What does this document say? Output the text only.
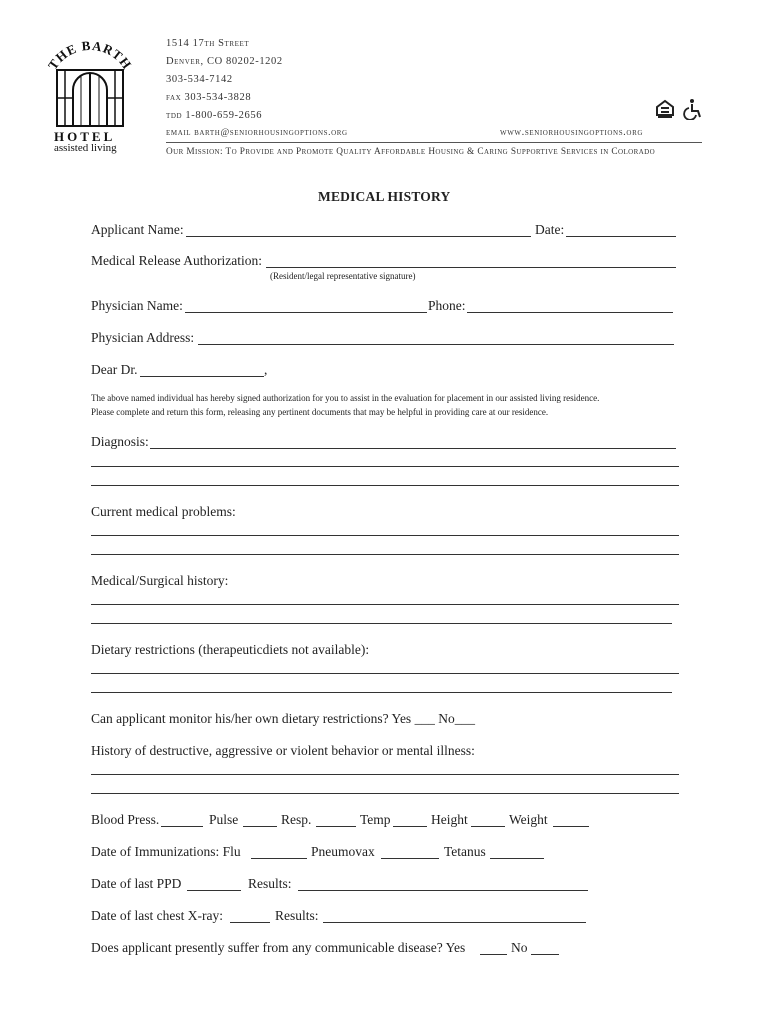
THE BARTH
HOTEL
assisted living
1514 17th Street
Denver, CO 80202-1202
303-534-7142
fax 303-534-3828
tdd 1-800-659-2656
email barth@seniorhousingoptions.org	www.seniorhousingoptions.org
Our Mission: To Provide and Promote Quality Affordable Housing & Caring Supportive Services in Colorado
MEDICAL HISTORY
Applicant Name:	Date:
Medical Release Authorization:
(Resident/legal representative signature)
Physician Name:	Phone:
Physician Address:
Dear Dr.	,
The above named individual has hereby signed authorization for you to assist in the evaluation for placement in our assisted living residence.
Please complete and return this form, releasing any pertinent documents that may be helpful in providing care at our residence.
Diagnosis:
Current medical problems:
Medical/Surgical history:
Dietary restrictions (therapeuticdiets not available):
Can applicant monitor his/her own dietary restrictions? Yes ___ No___
History of destructive, aggressive or violent behavior or mental illness:
Blood Press.	Pulse	Resp.	Temp	Height	Weight
Date of Immunizations: Flu	Pneumovax	Tetanus
Date of last PPD	Results:
Date of last chest X-ray:	Results:
Does applicant presently suffer from any communicable disease? Yes	No
